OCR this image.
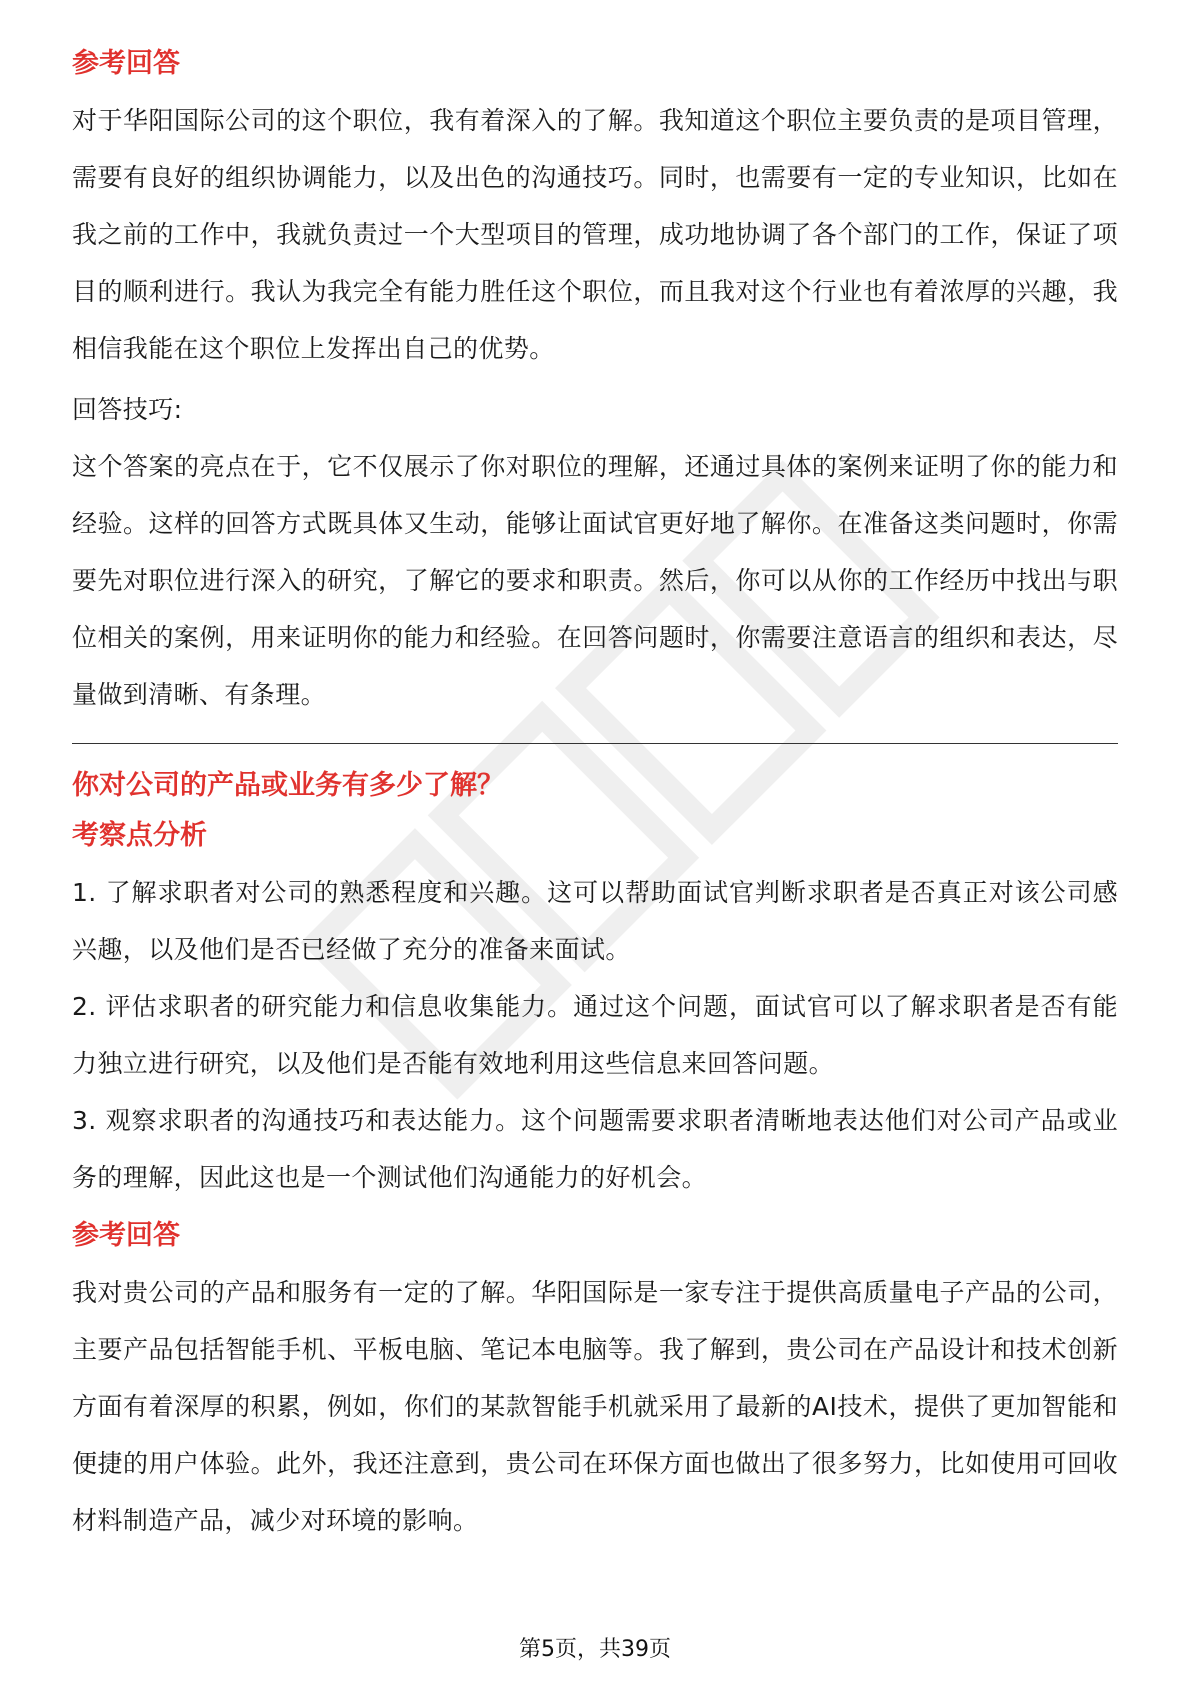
参考回答

对于华阳国际公司的这个职位，我有着深入的了解。我知道这个职位主要负责的是项目管理，需要有良好的组织协调能力，以及出色的沟通技巧。同时，也需要有一定的专业知识，比如在我之前的工作中，我就负责过一个大型项目的管理，成功地协调了各个部门的工作，保证了项目的顺利进行。我认为我完全有能力胜任这个职位，而且我对这个行业也有着浓厚的兴趣，我相信我能在这个职位上发挥出自己的优势。

回答技巧:

这个答案的亮点在于，它不仅展示了你对职位的理解，还通过具体的案例来证明了你的能力和经验。这样的回答方式既具体又生动，能够让面试官更好地了解你。在准备这类问题时，你需要先对职位进行深入的研究，了解它的要求和职责。然后，你可以从你的工作经历中找出与职位相关的案例，用来证明你的能力和经验。在回答问题时，你需要注意语言的组织和表达，尽量做到清晰、有条理。

你对公司的产品或业务有多少了解？
考察点分析

1. 了解求职者对公司的熟悉程度和兴趣。这可以帮助面试官判断求职者是否真正对该公司感兴趣，以及他们是否已经做了充分的准备来面试。

2. 评估求职者的研究能力和信息收集能力。通过这个问题，面试官可以了解求职者是否有能力独立进行研究，以及他们是否能有效地利用这些信息来回答问题。

3. 观察求职者的沟通技巧和表达能力。这个问题需要求职者清晰地表达他们对公司产品或业务的理解，因此这也是一个测试他们沟通能力的好机会。

参考回答

我对贵公司的产品和服务有一定的了解。华阳国际是一家专注于提供高质量电子产品的公司，主要产品包括智能手机、平板电脑、笔记本电脑等。我了解到，贵公司在产品设计和技术创新方面有着深厚的积累，例如，你们的某款智能手机就采用了最新的AI技术，提供了更加智能和便捷的用户体验。此外，我还注意到，贵公司在环保方面也做出了很多努力，比如使用可回收材料制造产品，减少对环境的影响。

第5页，共39页
